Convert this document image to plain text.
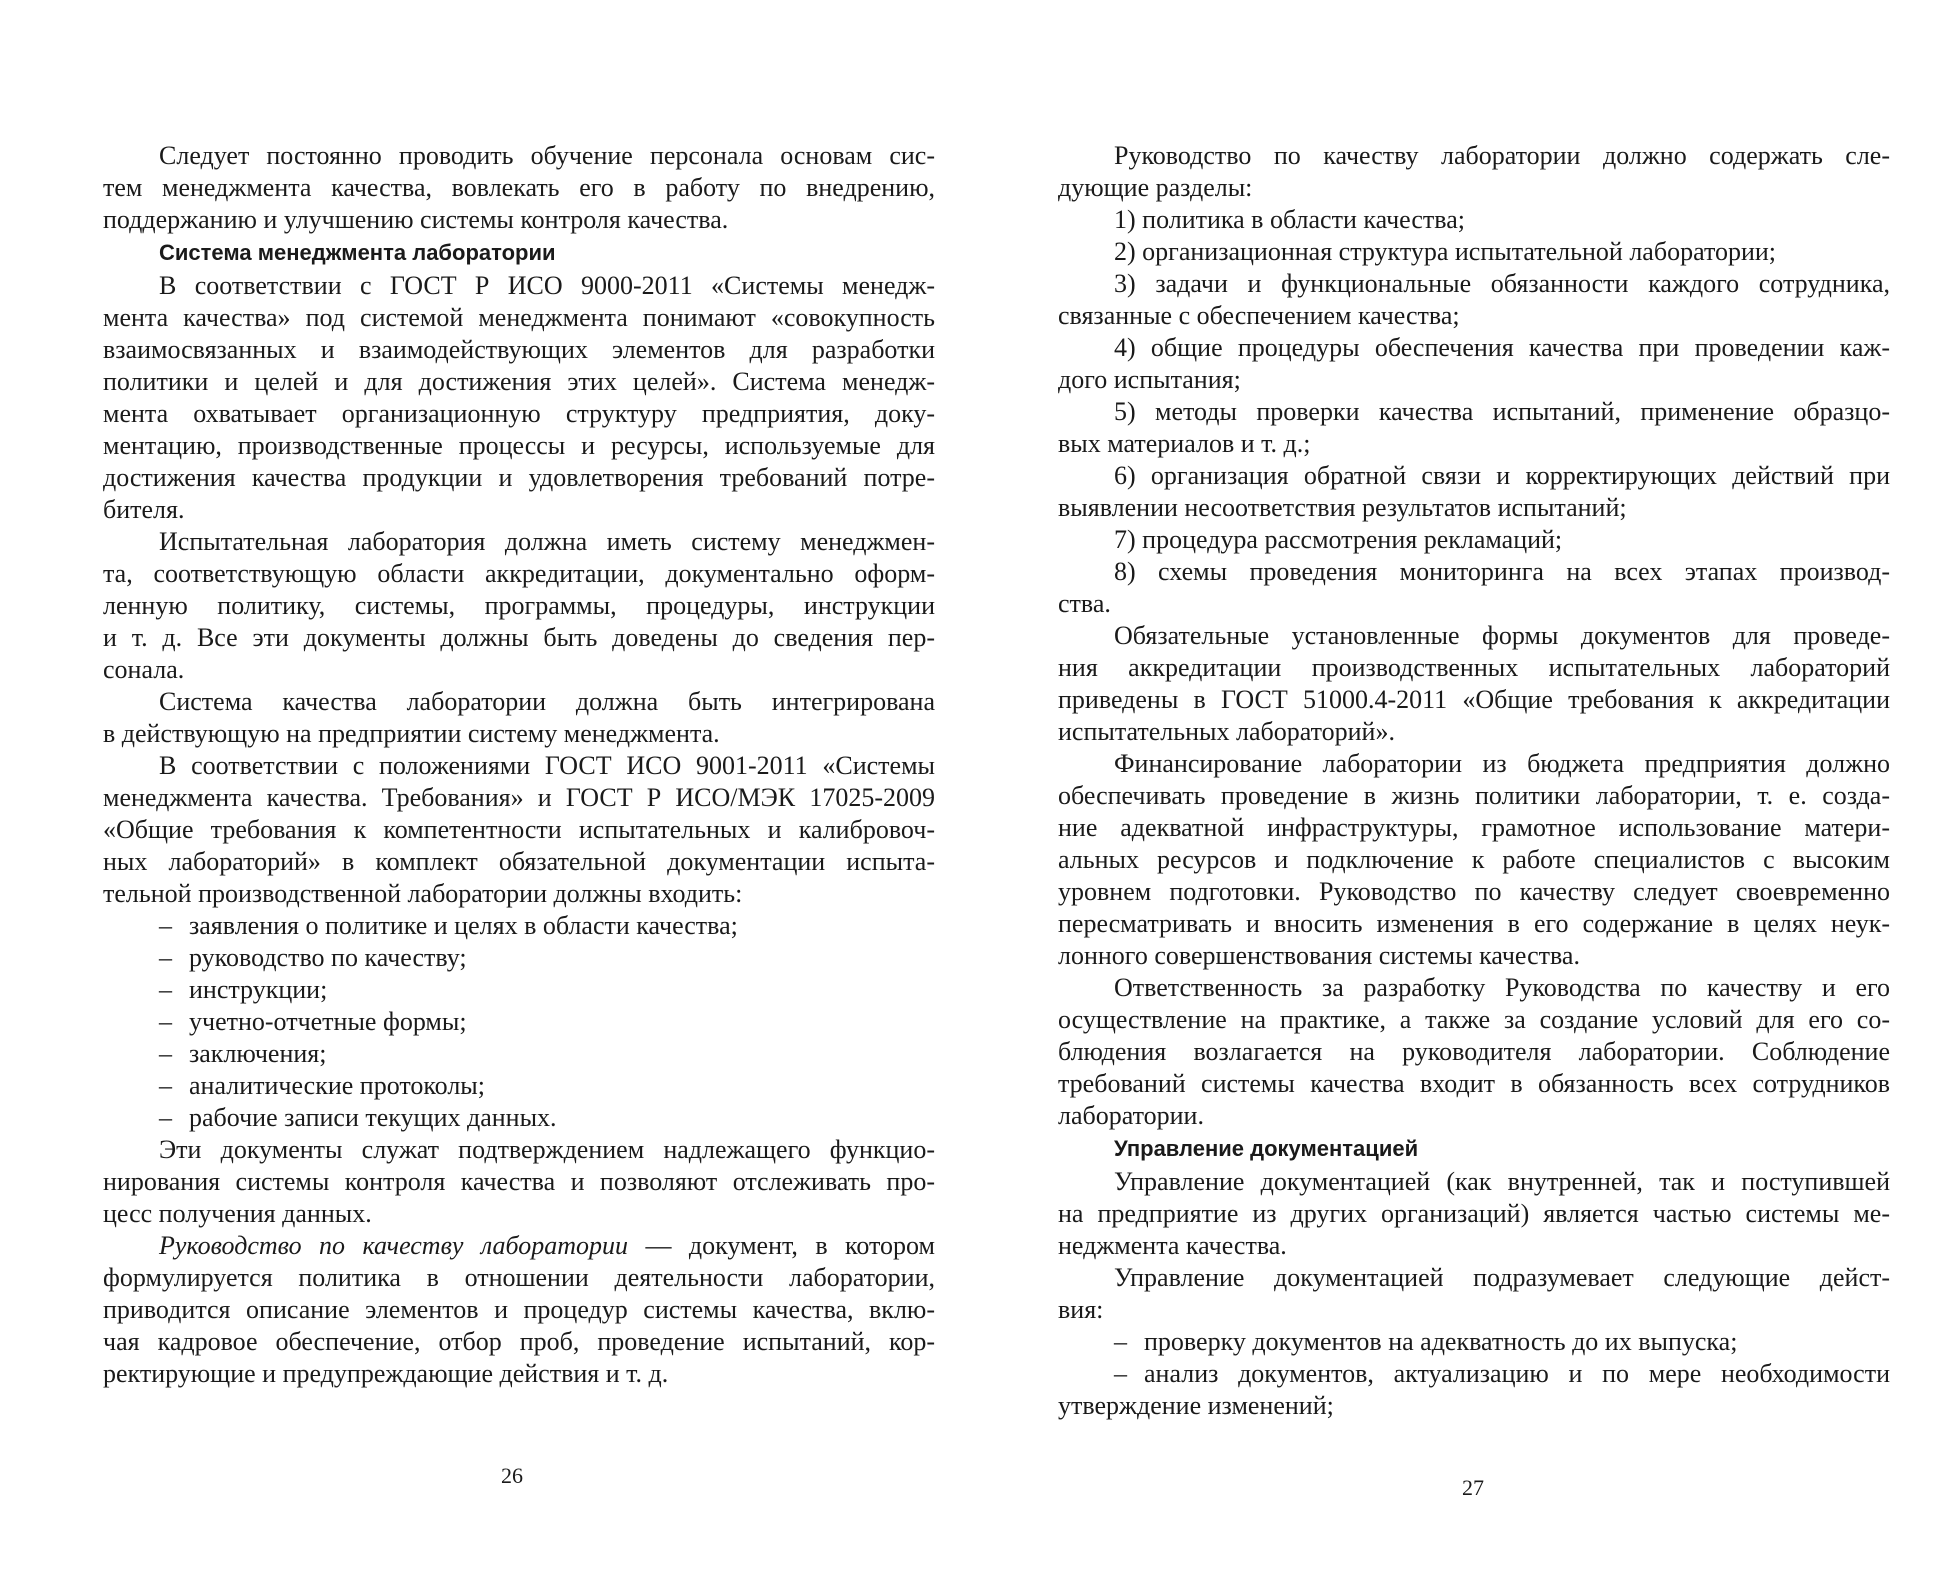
Следует постоянно проводить обучение персонала основам сис-
тем менеджмента качества, вовлекать его в работу по внедрению,
поддержанию и улучшению системы контроля качества.
Система менеджмента лаборатории
В соответствии с ГОСТ Р ИСО 9000-2011 «Системы менедж-
мента качества» под системой менеджмента понимают «совокупность
взаимосвязанных и взаимодействующих элементов для разработки
политики и целей и для достижения этих целей». Система менедж-
мента охватывает организационную структуру предприятия, доку-
ментацию, производственные процессы и ресурсы, используемые для
достижения качества продукции и удовлетворения требований потре-
бителя.
Испытательная лаборатория должна иметь систему менеджмен-
та, соответствующую области аккредитации, документально оформ-
ленную политику, системы, программы, процедуры, инструкции
и т. д. Все эти документы должны быть доведены до сведения пер-
сонала.
Система качества лаборатории должна быть интегрирована
в действующую на предприятии систему менеджмента.
В соответствии с положениями ГОСТ ИСО 9001-2011 «Системы
менеджмента качества. Требования» и ГОСТ Р ИСО/МЭК 17025-2009
«Общие требования к компетентности испытательных и калибровоч-
ных лабораторий» в комплект обязательной документации испыта-
тельной производственной лаборатории должны входить:
– заявления о политике и целях в области качества;
– руководство по качеству;
– инструкции;
– учетно-отчетные формы;
– заключения;
– аналитические протоколы;
– рабочие записи текущих данных.
Эти документы служат подтверждением надлежащего функцио-
нирования системы контроля качества и позволяют отслеживать про-
цесс получения данных.
Руководство по качеству лаборатории — документ, в котором
формулируется политика в отношении деятельности лаборатории,
приводится описание элементов и процедур системы качества, вклю-
чая кадровое обеспечение, отбор проб, проведение испытаний, кор-
ректирующие и предупреждающие действия и т. д.
Руководство по качеству лаборатории должно содержать сле-
дующие разделы:
1) политика в области качества;
2) организационная структура испытательной лаборатории;
3) задачи и функциональные обязанности каждого сотрудника,
связанные с обеспечением качества;
4) общие процедуры обеспечения качества при проведении каж-
дого испытания;
5) методы проверки качества испытаний, применение образцо-
вых материалов и т. д.;
6) организация обратной связи и корректирующих действий при
выявлении несоответствия результатов испытаний;
7) процедура рассмотрения рекламаций;
8) схемы проведения мониторинга на всех этапах производ-
ства.
Обязательные установленные формы документов для проведе-
ния аккредитации производственных испытательных лабораторий
приведены в ГОСТ 51000.4-2011 «Общие требования к аккредитации
испытательных лабораторий».
Финансирование лаборатории из бюджета предприятия должно
обеспечивать проведение в жизнь политики лаборатории, т. е. созда-
ние адекватной инфраструктуры, грамотное использование матери-
альных ресурсов и подключение к работе специалистов с высоким
уровнем подготовки. Руководство по качеству следует своевременно
пересматривать и вносить изменения в его содержание в целях неук-
лонного совершенствования системы качества.
Ответственность за разработку Руководства по качеству и его
осуществление на практике, а также за создание условий для его со-
блюдения возлагается на руководителя лаборатории. Соблюдение
требований системы качества входит в обязанность всех сотрудников
лаборатории.
Управление документацией
Управление документацией (как внутренней, так и поступившей
на предприятие из других организаций) является частью системы ме-
неджмента качества.
Управление документацией подразумевает следующие дейст-
вия:
– проверку документов на адекватность до их выпуска;
– анализ документов, актуализацию и по мере необходимости
утверждение изменений;
26	27
